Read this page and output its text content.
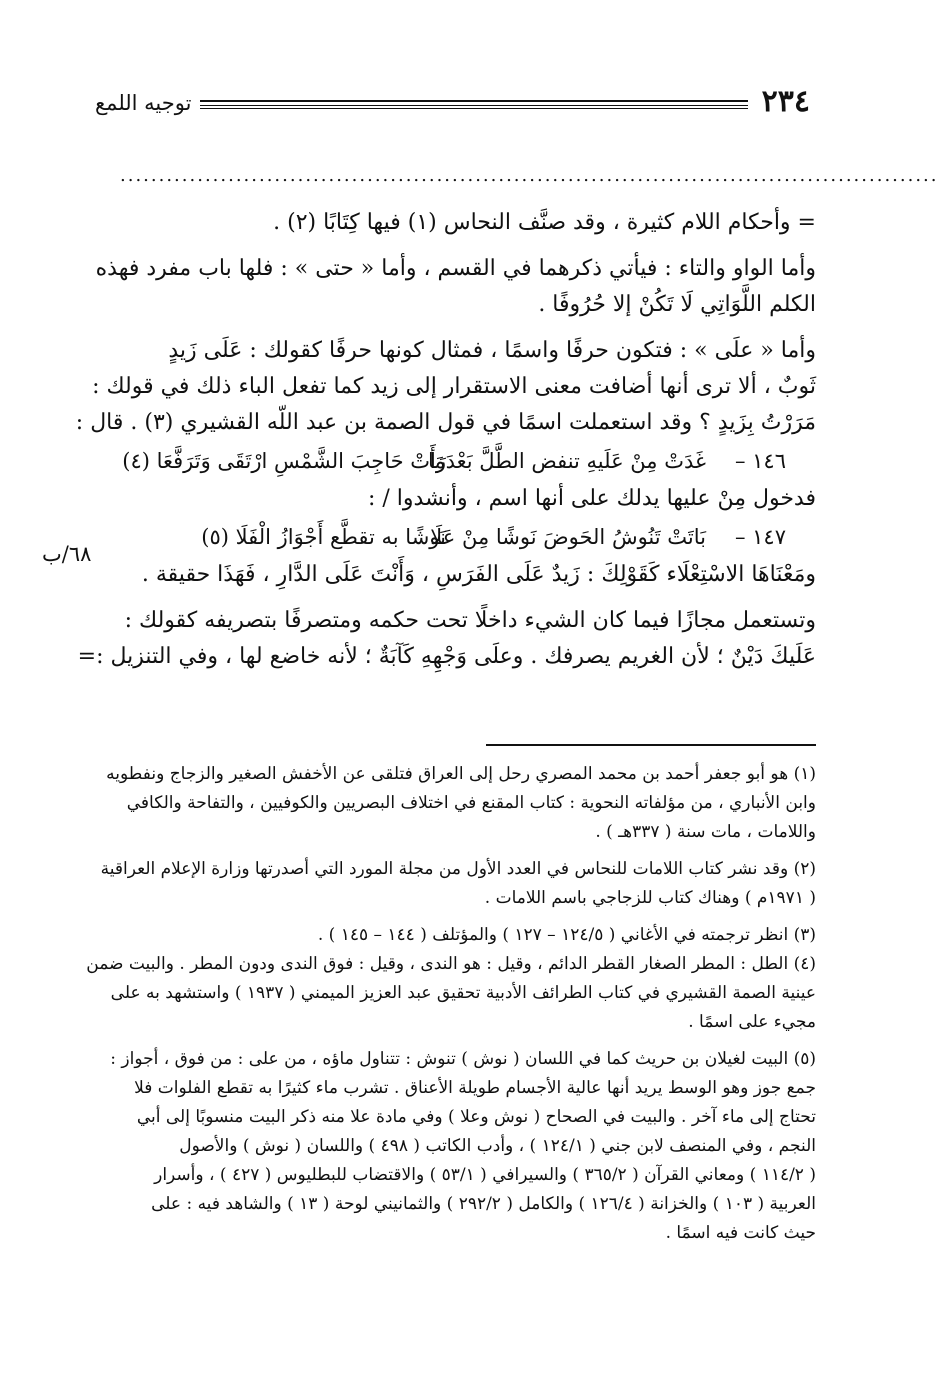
٢٣٤
توجيه اللمع
..........................................................................................................
= وأحكام اللام كثيرة ، وقد صنَّف النحاس (١) فيها كِتَابًا (٢) .
وأما الواو والتاء : فيأتي ذكرهما في القسم ، وأما « حتى » : فلها باب مفرد فهذه
الكلم اللَّوَاتِي لَا تَكُنْ إلا حُرُوفًا .
وأما « علَى » : فتكون حرفًا واسمًا ، فمثال كونها حرفًا كقولك : عَلَى زَيدٍ
ثَوبٌ ، ألا ترى أنها أضافت معنى الاستقرار إلى زيد كما تفعل الباء ذلك في قولك :
مَرَرْتُ بِزَيدٍ ؟ وقد استعملت اسمًا في قول الصمة بن عبد اللّه القشيري (٣) . قال :
١٤٦ –
غَدَتْ مِنْ عَلَيهِ تنفض الطَّلَّ بَعْدَمَا
رَأَتْ حَاجِبَ الشَّمْسِ ارْتَقَى وَتَرَفَّعَا (٤)
فدخول مِنْ عليها يدلك على أنها اسم ، وأنشدوا / :
١٤٧ –
بَاتَتْ تَنُوشُ الحَوضَ نَوشًا مِنْ عَلَا
نَوشًا به تقطَّع أَجْوَازُ الْفَلَا (٥)
ومَعْنَاهَا الاسْتِعْلَاء كَقَوْلِكَ : زَيدٌ عَلَى الفَرَسِ ، وَأَنْتَ عَلَى الدَّارِ ، فَهَذَا حقيقة .
وتستعمل مجازًا فيما كان الشيء داخلًا تحت حكمه ومتصرفًا بتصريفه كقولك :
عَلَيكَ دَيْنٌ ؛ لأن الغريم يصرفك . وعلَى وَجْهِهِ كَآبَةٌ ؛ لأنه خاضع لها ، وفي التنزيل :=
٦٨/ب
(١) هو أبو جعفر أحمد بن محمد المصري رحل إلى العراق فتلقى عن الأخفش الصغير والزجاج ونفطويه
وابن الأنباري ، من مؤلفاته النحوية : كتاب المقنع في اختلاف البصريين والكوفيين ، والتفاحة والكافي
واللامات ، مات سنة ( ٣٣٧هـ ) .
(٢) وقد نشر كتاب اللامات للنحاس في العدد الأول من مجلة المورد التي أصدرتها وزارة الإعلام العراقية
( ١٩٧١م ) وهناك كتاب للزجاجي باسم اللامات .
(٣) انظر ترجمته في الأغاني ( ١٢٤/٥ – ١٢٧ ) والمؤتلف ( ١٤٤ – ١٤٥ ) .
(٤) الطل : المطر الصغار القطر الدائم ، وقيل : هو الندى ، وقيل : فوق الندى ودون المطر . والبيت ضمن
عينية الصمة القشيري في كتاب الطرائف الأدبية تحقيق عبد العزيز الميمني ( ١٩٣٧ ) واستشهد به على
مجيء على اسمًا .
(٥) البيت لغيلان بن حريث كما في اللسان ( نوش ) تنوش : تتناول ماؤه ، من على : من فوق ، أجواز :
جمع جوز وهو الوسط يريد أنها عالية الأجسام طويلة الأعناق . تشرب ماء كثيرًا به تقطع الفلوات فلا
تحتاج إلى ماء آخر . والبيت في الصحاح ( نوش وعلا ) وفي مادة علا منه ذكر البيت منسوبًا إلى أبي
النجم ، وفي المنصف لابن جني ( ١٢٤/١ ) ، وأدب الكاتب ( ٤٩٨ ) واللسان ( نوش ) والأصول
( ١١٤/٢ ) ومعاني القرآن ( ٣٦٥/٢ ) والسيرافي ( ٥٣/١ ) والاقتضاب للبطليوس ( ٤٢٧ ) ، وأسرار
العربية ( ١٠٣ ) والخزانة ( ١٢٦/٤ ) والكامل ( ٢٩٢/٢ ) والثمانيني لوحة ( ١٣ ) والشاهد فيه : على
حيث كانت فيه اسمًا .
